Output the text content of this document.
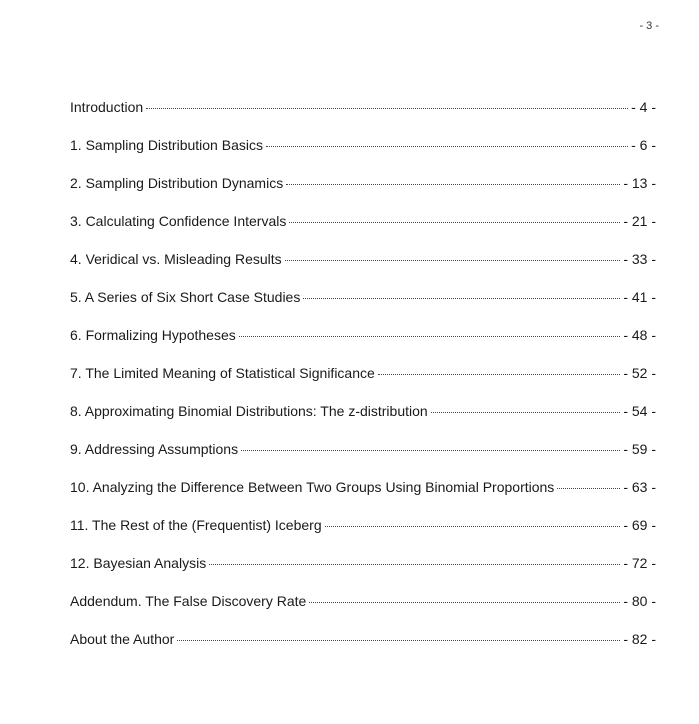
- 3 -
Introduction	- 4 -
1. Sampling Distribution Basics	- 6 -
2. Sampling Distribution Dynamics	- 13 -
3. Calculating Confidence Intervals	- 21 -
4. Veridical vs. Misleading Results	- 33 -
5. A Series of Six Short Case Studies	- 41 -
6. Formalizing Hypotheses	- 48 -
7. The Limited Meaning of Statistical Significance	- 52 -
8. Approximating Binomial Distributions: The z-distribution	- 54 -
9. Addressing Assumptions	- 59 -
10. Analyzing the Difference Between Two Groups Using Binomial Proportions	- 63 -
11. The Rest of the (Frequentist) Iceberg	- 69 -
12. Bayesian Analysis	- 72 -
Addendum. The False Discovery Rate	- 80 -
About the Author	- 82 -
